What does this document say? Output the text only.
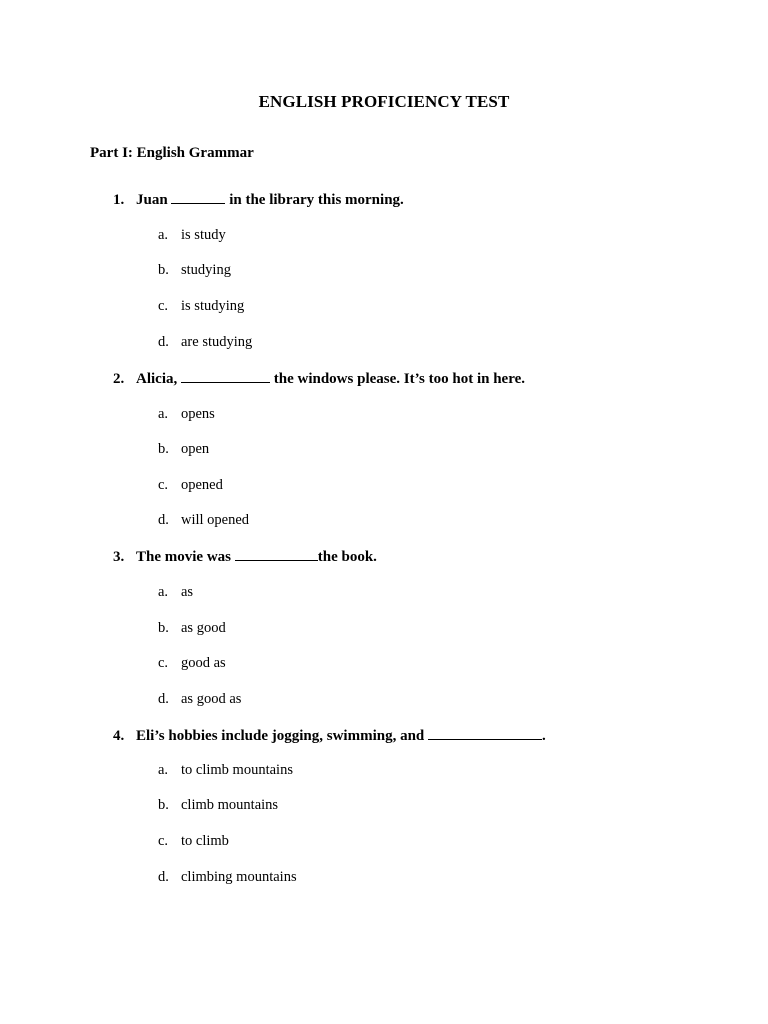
ENGLISH PROFICIENCY TEST
Part I: English Grammar
1. Juan	in the library this morning.
a. is study
b. studying
c. is studying
d. are studying
2. Alicia,	the windows please. It’s too hot in here.
a. opens
b. open
c. opened
d. will opened
3. The movie was	the book.
a. as
b. as good
c. good as
d. as good as
4. Eli’s hobbies include jogging, swimming, and	.
a. to climb mountains
b. climb mountains
c. to climb
d. climbing mountains
